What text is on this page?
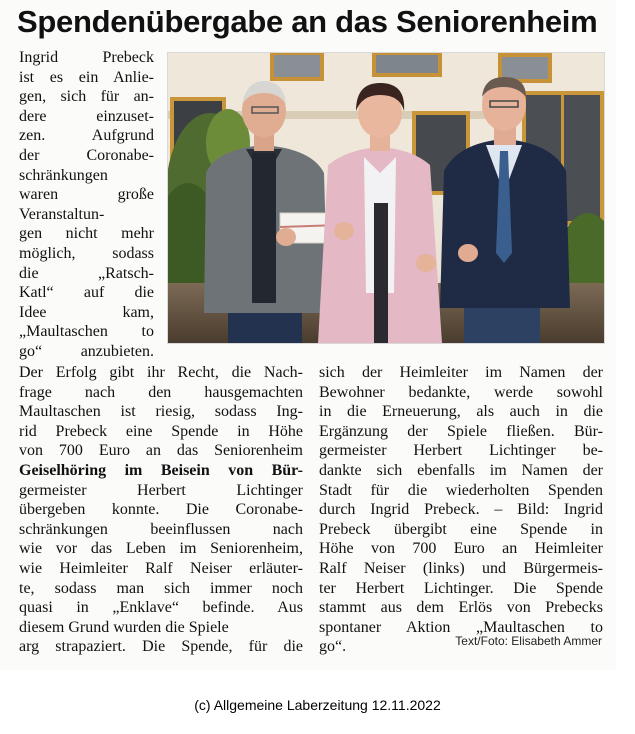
Spendenübergabe an das Seniorenheim

Ingrid Prebeck
ist es ein Anlie-
gen, sich für an-
dere einzuset-
zen. Aufgrund
der Coronabe-
schränkungen
waren große
Veranstaltun-
gen nicht mehr
möglich, sodass
die „Ratsch-
Katl“ auf die
Idee kam,
„Maultaschen to
go“ anzubieten.

Der Erfolg gibt ihr Recht, die Nach-
frage nach den hausgemachten
Maultaschen ist riesig, sodass Ing-
rid Prebeck eine Spende in Höhe
von 700 Euro an das Seniorenheim
Geiselhöring im Beisein von Bür-
germeister Herbert Lichtinger
übergeben konnte. Die Coronabe-
schränkungen beeinflussen nach
wie vor das Leben im Seniorenheim,
wie Heimleiter Ralf Neiser erläuter-
te, sodass man sich immer noch
quasi in „Enklave“ befinde. Aus
diesem Grund wurden die Spiele
arg strapaziert. Die Spende, für die

sich der Heimleiter im Namen der
Bewohner bedankte, werde sowohl
in die Erneuerung, als auch in die
Ergänzung der Spiele fließen. Bür-
germeister Herbert Lichtinger be-
dankte sich ebenfalls im Namen der
Stadt für die wiederholten Spenden
durch Ingrid Prebeck. – Bild: Ingrid
Prebeck übergibt eine Spende in
Höhe von 700 Euro an Heimleiter
Ralf Neiser (links) und Bürgermeis-
ter Herbert Lichtinger. Die Spende
stammt aus dem Erlös von Prebecks
spontaner Aktion „Maultaschen to
go“.	Text/Foto: Elisabeth Ammer
(c) Allgemeine Laberzeitung 12.11.2022
